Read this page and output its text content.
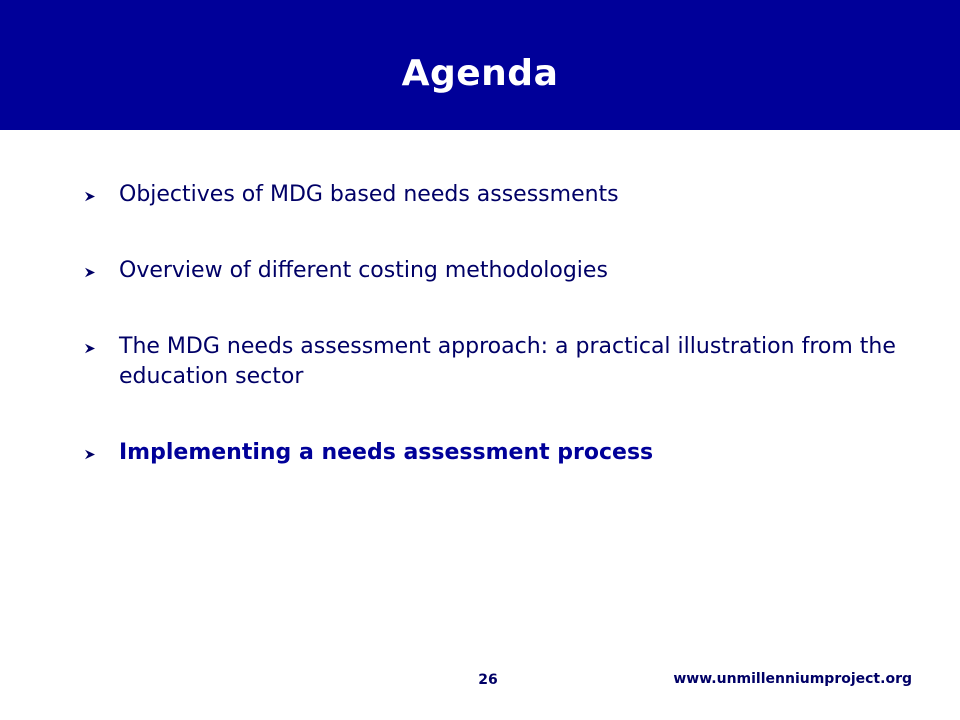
Agenda
Objectives of MDG based needs assessments
Overview of different costing methodologies
The MDG needs assessment approach: a practical illustration from the education sector
Implementing a needs assessment process
26	www.unmillenniumproject.org
